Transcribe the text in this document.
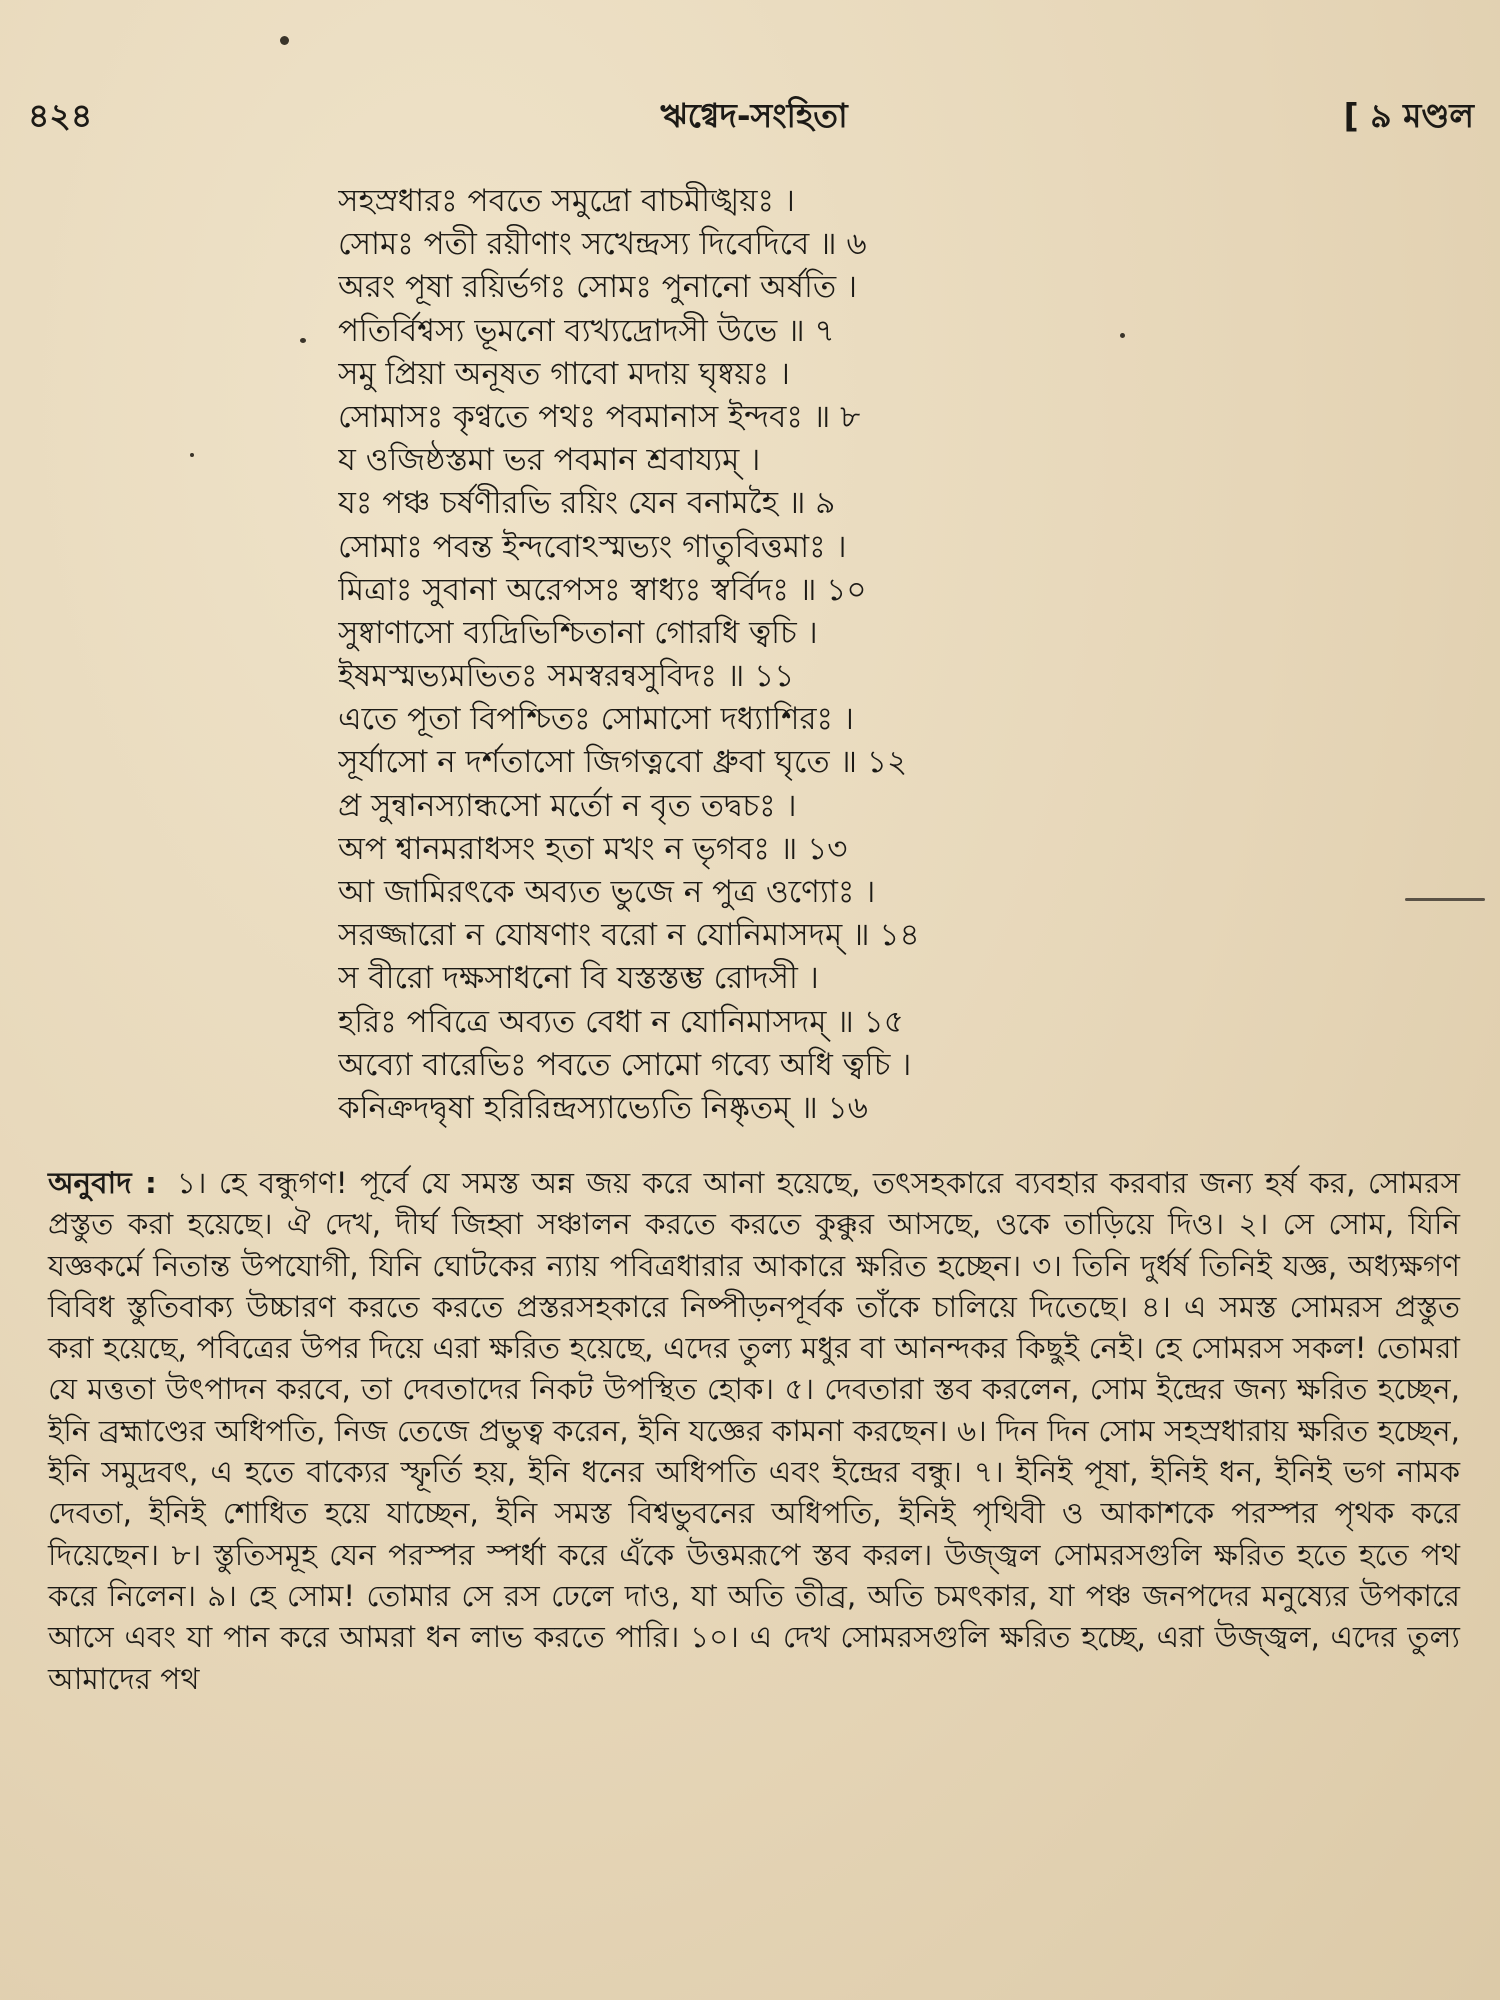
৪২৪	ঋগ্বেদ-সংহিতা	[ ৯ মণ্ডল
সহস্রধারঃ পবতে সমুদ্রো বাচমীঙ্খয়ঃ ।
সোমঃ পতী রয়ীণাং সখেন্দ্রস্য দিবেদিবে ॥ ৬
অরং পূষা রয়ির্ভগঃ সোমঃ পুনানো অর্ষতি ।
পতির্বিশ্বস্য ভূমনো ব্যখ্যদ্রোদসী উভে ॥ ৭
সমু প্রিয়া অনূষত গাবো মদায় ঘৃষ্বয়ঃ ।
সোমাসঃ কৃণ্বতে পথঃ পবমানাস ইন্দবঃ ॥ ৮
য ওজিষ্ঠস্তমা ভর পবমান শ্রবায্যম্ ।
যঃ পঞ্চ চর্ষণীরভি রয়িং যেন বনামহৈ ॥ ৯
সোমাঃ পবন্ত ইন্দবোঽস্মভ্যং গাতুবিত্তমাঃ ।
মিত্রাঃ সুবানা অরেপসঃ স্বাধ্যঃ স্বর্বিদঃ ॥ ১০
সুষ্বাণাসো ব্যদ্রিভিশ্চিতানা গোরধি ত্বচি ।
ইষমস্মভ্যমভিতঃ সমস্বরন্বসুবিদঃ ॥ ১১
এতে পূতা বিপশ্চিতঃ সোমাসো দধ্যাশিরঃ ।
সূর্যাসো ন দর্শতাসো জিগত্নবো ধ্রুবা ঘৃতে ॥ ১২
প্র সুন্বানস্যান্ধসো মর্তো ন বৃত তদ্বচঃ ।
অপ শ্বানমরাধসং হতা মখং ন ভৃগবঃ ॥ ১৩
আ জামিরৎকে অব্যত ভুজে ন পুত্র ওণ্যোঃ ।
সরজ্জারো ন যোষণাং বরো ন যোনিমাসদম্ ॥ ১৪
স বীরো দক্ষসাধনো বি যস্তস্তম্ভ রোদসী ।
হরিঃ পবিত্রে অব্যত বেধা ন যোনিমাসদম্ ॥ ১৫
অব্যো বারেভিঃ পবতে সোমো গব্যে অধি ত্বচি ।
কনিক্রদদ্বৃষা হরিরিন্দ্রস্যাভ্যেতি নিষ্কৃতম্ ॥ ১৬
অনুবাদ : ১। হে বন্ধুগণ! পূর্বে যে সমস্ত অন্ন জয় করে আনা হয়েছে, তৎসহকারে ব্যবহার করবার জন্য হর্ষ কর, সোমরস প্রস্তুত করা হয়েছে। ঐ দেখ, দীর্ঘ জিহ্বা সঞ্চালন করতে করতে কুক্কুর আসছে, ওকে তাড়িয়ে দিও। ২। সে সোম, যিনি যজ্ঞকর্মে নিতান্ত উপযোগী, যিনি ঘোটকের ন্যায় পবিত্রধারার আকারে ক্ষরিত হচ্ছেন। ৩। তিনি দুর্ধর্ষ তিনিই যজ্ঞ, অধ্যক্ষগণ বিবিধ স্তুতিবাক্য উচ্চারণ করতে করতে প্রস্তরসহকারে নিষ্পীড়নপূর্বক তাঁকে চালিয়ে দিতেছে। ৪। এ সমস্ত সোমরস প্রস্তুত করা হয়েছে, পবিত্রের উপর দিয়ে এরা ক্ষরিত হয়েছে, এদের তুল্য মধুর বা আনন্দকর কিছুই নেই। হে সোমরস সকল! তোমরা যে মত্ততা উৎপাদন করবে, তা দেবতাদের নিকট উপস্থিত হোক। ৫। দেবতারা স্তব করলেন, সোম ইন্দ্রের জন্য ক্ষরিত হচ্ছেন, ইনি ব্রহ্মাণ্ডের অধিপতি, নিজ তেজে প্রভুত্ব করেন, ইনি যজ্ঞের কামনা করছেন। ৬। দিন দিন সোম সহস্রধারায় ক্ষরিত হচ্ছেন, ইনি সমুদ্রবৎ, এ হতে বাক্যের স্ফূর্তি হয়, ইনি ধনের অধিপতি এবং ইন্দ্রের বন্ধু। ৭। ইনিই পূষা, ইনিই ধন, ইনিই ভগ নামক দেবতা, ইনিই শোধিত হয়ে যাচ্ছেন, ইনি সমস্ত বিশ্বভুবনের অধিপতি, ইনিই পৃথিবী ও আকাশকে পরস্পর পৃথক করে দিয়েছেন। ৮। স্তুতিসমূহ যেন পরস্পর স্পর্ধা করে এঁকে উত্তমরূপে স্তব করল। উজ্জ্বল সোমরসগুলি ক্ষরিত হতে হতে পথ করে নিলেন। ৯। হে সোম! তোমার সে রস ঢেলে দাও, যা অতি তীব্র, অতি চমৎকার, যা পঞ্চ জনপদের মনুষ্যের উপকারে আসে এবং যা পান করে আমরা ধন লাভ করতে পারি। ১০। এ দেখ সোমরসগুলি ক্ষরিত হচ্ছে, এরা উজ্জ্বল, এদের তুল্য আমাদের পথ
